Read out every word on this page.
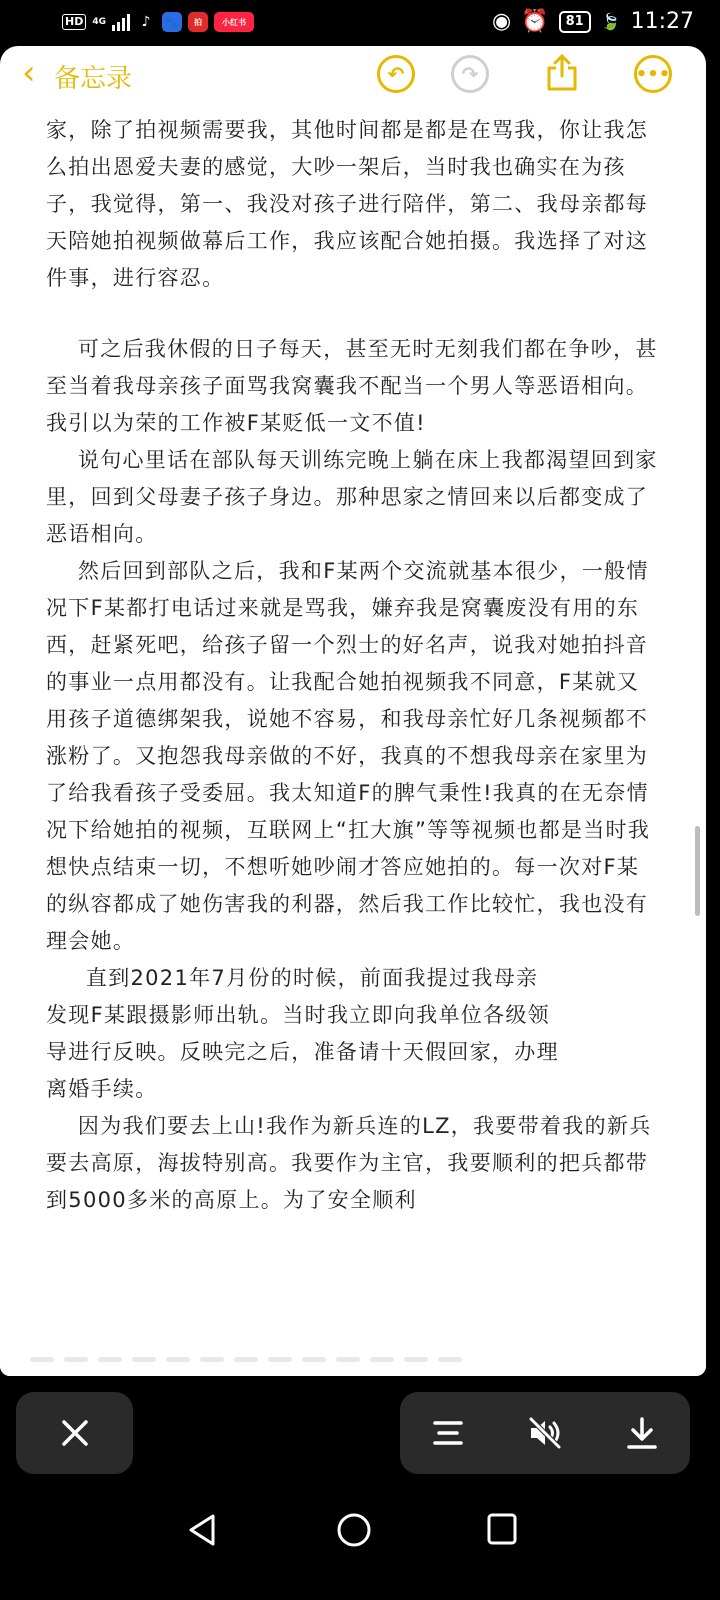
HD	4G	♪	🐾	拍	小红书	◉ ⏰	81	🍃 11:27
‹ 备忘录	↶	↷	•••

家，除了拍视频需要我，其他时间都是都是在骂我，你让我怎么拍出恩爱夫妻的感觉，大吵一架后，当时我也确实在为孩子，我觉得，第一、我没对孩子进行陪伴，第二、我母亲都每天陪她拍视频做幕后工作，我应该配合她拍摄。我选择了对这件事，进行容忍。

可之后我休假的日子每天，甚至无时无刻我们都在争吵，甚至当着我母亲孩子面骂我窝囊我不配当一个男人等恶语相向。我引以为荣的工作被F某贬低一文不值!

说句心里话在部队每天训练完晚上躺在床上我都渴望回到家里，回到父母妻子孩子身边。那种思家之情回来以后都变成了恶语相向。

然后回到部队之后，我和F某两个交流就基本很少，一般情况下F某都打电话过来就是骂我，嫌弃我是窝囊废没有用的东西，赶紧死吧，给孩子留一个烈士的好名声，说我对她拍抖音的事业一点用都没有。让我配合她拍视频我不同意，F某就又用孩子道德绑架我，说她不容易，和我母亲忙好几条视频都不涨粉了。又抱怨我母亲做的不好，我真的不想我母亲在家里为了给我看孩子受委屈。我太知道F的脾气秉性!我真的在无奈情况下给她拍的视频，互联网上“扛大旗”等等视频也都是当时我想快点结束一切，不想听她吵闹才答应她拍的。每一次对F某的纵容都成了她伤害我的利器，然后我工作比较忙，我也没有理会她。

直到2021年7月份的时候，前面我提过我母亲
发现F某跟摄影师出轨。当时我立即向我单位各级领
导进行反映。反映完之后，准备请十天假回家，办理
离婚手续。

因为我们要去上山!我作为新兵连的LZ，我要带着我的新兵要去高原，海拔特别高。我要作为主官，我要顺利的把兵都带到5000多米的高原上。为了安全顺利
